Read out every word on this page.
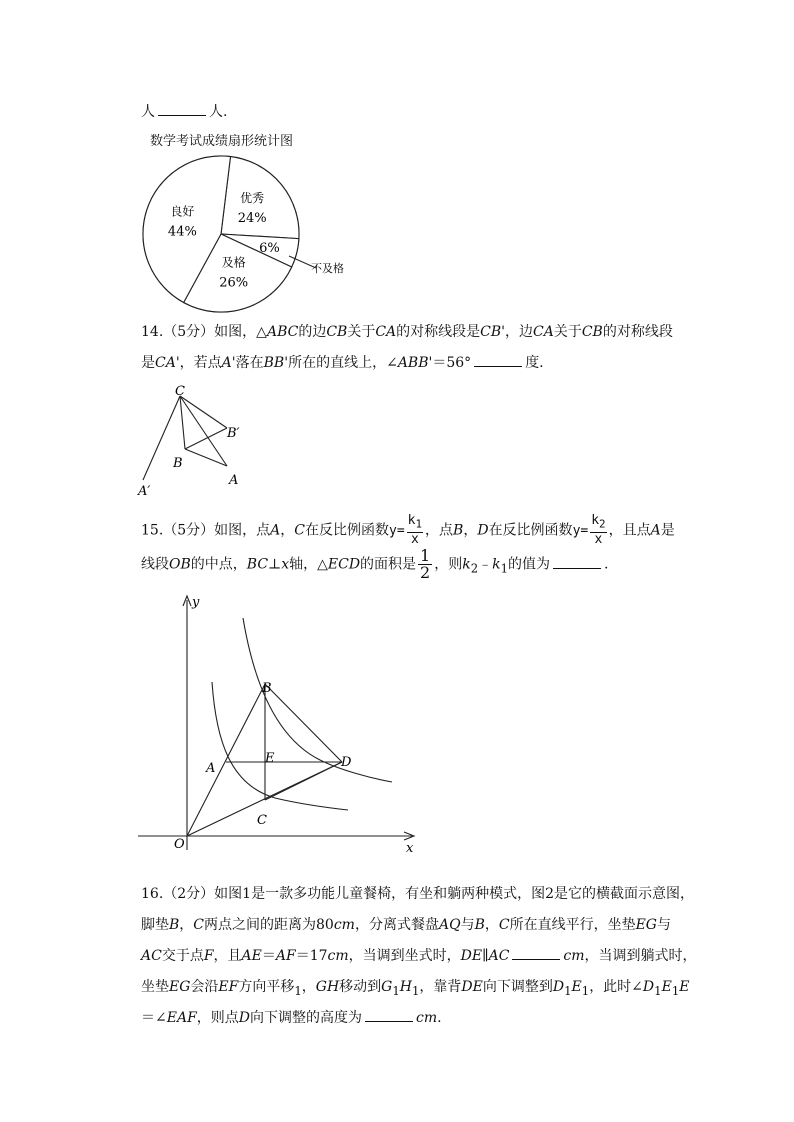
人	人.
数学考试成绩扇形统计图
优秀
24%
6%
不及格
及格
26%
良好
44%
14.（5分）如图，△ABC的边CB关于CA的对称线段是CB'，边CA关于CB的对称线段
是CA'，若点A'落在BB'所在的直线上，∠ABB'＝56°	度.
C
B′
B
A
A′
15.（5分）如图，点A，C在反比例函数$y= \frac{k_1}{x}$ ，点B，D在反比例函数$y= \frac{k_2}{x}$ ，且点A是
线段OB的中点，BC⊥x轴，△ECD的面积是 $\frac{1}{2}$ ，则$k_2﹣k_1$的值为	.
y
x
O
A
B
C
D
E
16.（2分）如图1是一款多功能儿童餐椅，有坐和躺两种模式，图2是它的横截面示意图，
脚垫B，C两点之间的距离为80cm，分离式餐盘AQ与B，C所在直线平行，坐垫EG与
AC交于点F，且AE＝AF＝17cm，当调到坐式时，DE∥AC	cm，当调到躺式时，
坐垫EG会沿EF方向平移$_1$，GH移动到$G_1H_1$，靠背DE向下调整到$D_1E_1$，此时$\angle D_1E_1E$
＝∠EAF，则点D向下调整的高度为	cm.
